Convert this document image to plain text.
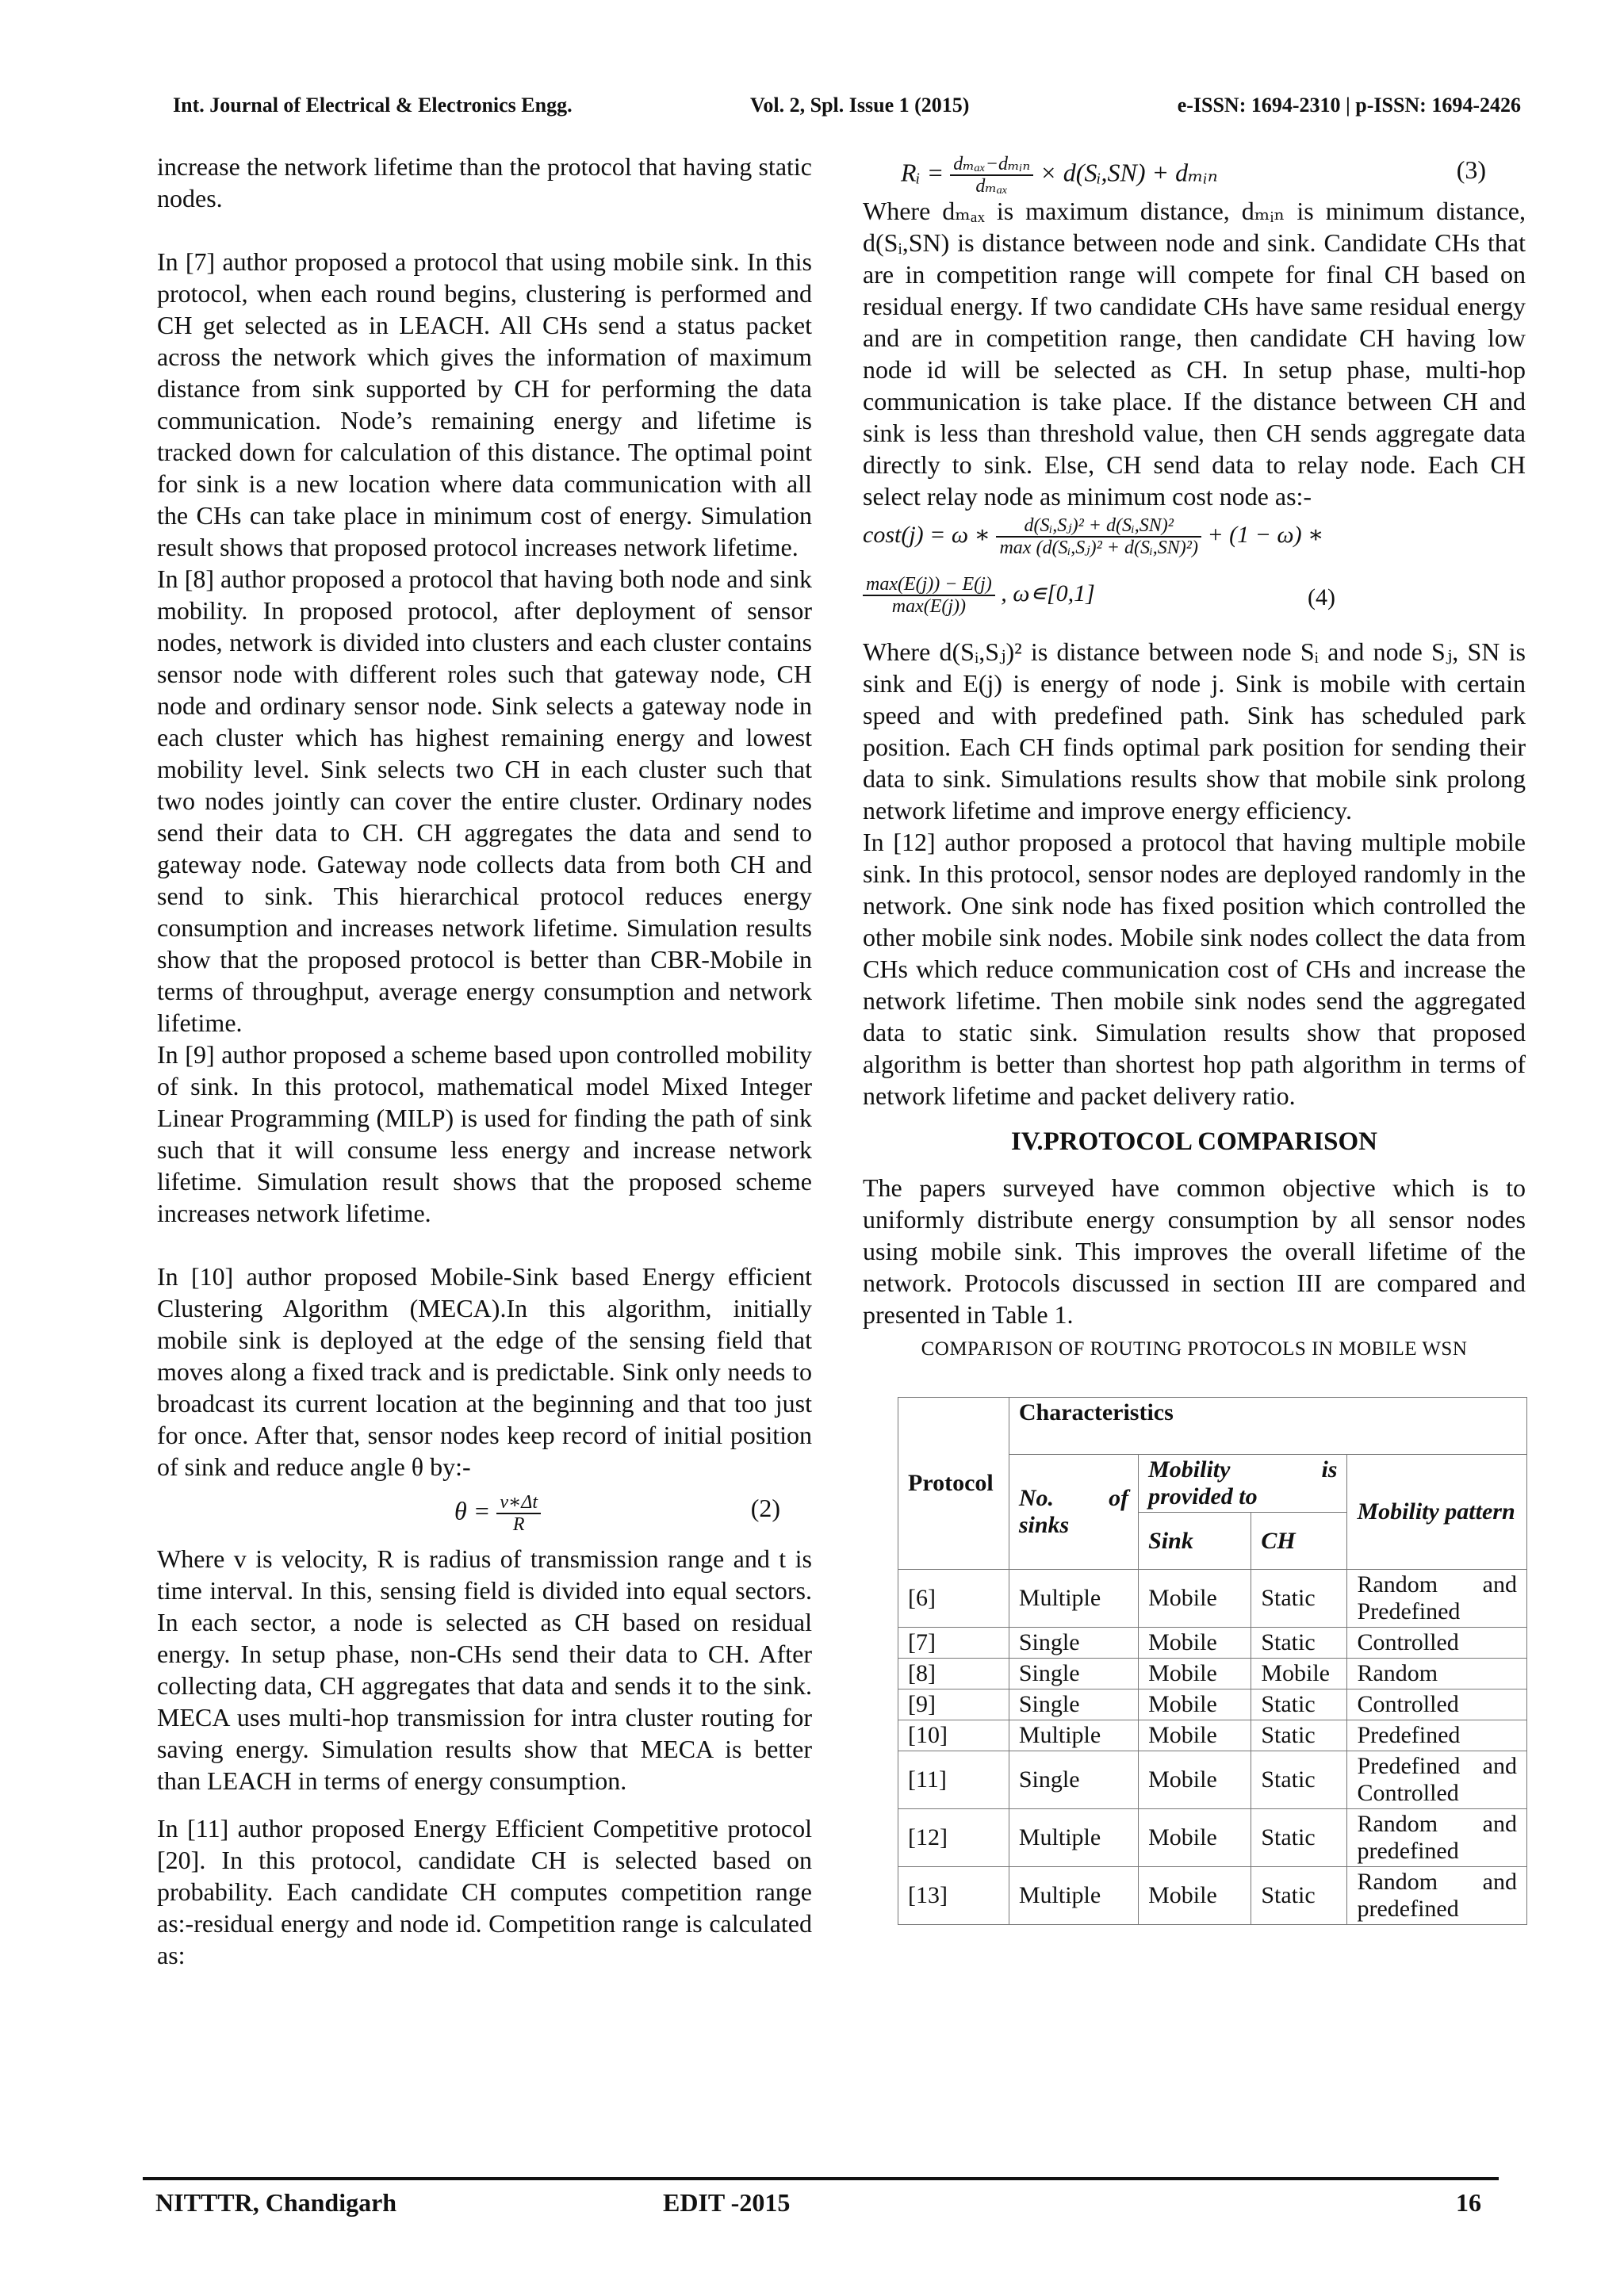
Int. Journal of Electrical & Electronics Engg.	Vol. 2, Spl. Issue 1 (2015)	e-ISSN: 1694-2310 | p-ISSN: 1694-2426

increase the network lifetime than the protocol that having static nodes.

In [7] author proposed a protocol that using mobile sink. In this protocol, when each round begins, clustering is performed and CH get selected as in LEACH. All CHs send a status packet across the network which gives the information of maximum distance from sink supported by CH for performing the data communication. Node’s remaining energy and lifetime is tracked down for calculation of this distance. The optimal point for sink is a new location where data communication with all the CHs can take place in minimum cost of energy. Simulation result shows that proposed protocol increases network lifetime.

In [8] author proposed a protocol that having both node and sink mobility. In proposed protocol, after deployment of sensor nodes, network is divided into clusters and each cluster contains sensor node with different roles such that gateway node, CH node and ordinary sensor node. Sink selects a gateway node in each cluster which has highest remaining energy and lowest mobility level. Sink selects two CH in each cluster such that two nodes jointly can cover the entire cluster. Ordinary nodes send their data to CH. CH aggregates the data and send to gateway node. Gateway node collects data from both CH and send to sink. This hierarchical protocol reduces energy consumption and increases network lifetime. Simulation results show that the proposed protocol is better than CBR-Mobile in terms of throughput, average energy consumption and network lifetime.

In [9] author proposed a scheme based upon controlled mobility of sink. In this protocol, mathematical model Mixed Integer Linear Programming (MILP) is used for finding the path of sink such that it will consume less energy and increase network lifetime. Simulation result shows that the proposed scheme increases network lifetime.

In [10] author proposed Mobile-Sink based Energy efficient Clustering Algorithm (MECA).In this algorithm, initially mobile sink is deployed at the edge of the sensing field that moves along a fixed track and is predictable. Sink only needs to broadcast its current location at the beginning and that too just for once. After that, sensor nodes keep record of initial position of sink and reduce angle θ by:-

$\theta = \frac{v∗\Delta t}{R}$	(2)

Where v is velocity, R is radius of transmission range and t is time interval. In this, sensing field is divided into equal sectors. In each sector, a node is selected as CH based on residual energy. In setup phase, non-CHs send their data to CH. After collecting data, CH aggregates that data and sends it to the sink. MECA uses multi-hop transmission for intra cluster routing for saving energy. Simulation results show that MECA is better than LEACH in terms of energy consumption.

In [11] author proposed Energy Efficient Competitive protocol [20]. In this protocol, candidate CH is selected based on probability. Each candidate CH computes competition range as:-residual energy and node id. Competition range is calculated as:

Rᵢ = $\frac{\text{dₘₐₓ−dₘᵢₙ}}{\text{dₘₐₓ}}$ × d(Sᵢ,SN) + dₘᵢₙ	(3)

Where dₘₐₓ is maximum distance, dₘᵢₙ is minimum distance, d(Sᵢ,SN) is distance between node and sink. Candidate CHs that are in competition range will compete for final CH based on residual energy. If two candidate CHs have same residual energy and are in competition range, then candidate CH having low node id will be selected as CH. In setup phase, multi-hop communication is take place. If the distance between CH and sink is less than threshold value, then CH sends aggregate data directly to sink. Else, CH send data to relay node. Each CH select relay node as minimum cost node as:-

cost(j) = ω ∗ $\frac{\text{d(Sᵢ,Sⱼ)² + d(Sᵢ,SN)²}}{\text{max (d(Sᵢ,Sⱼ)² + d(Sᵢ,SN)²)}} + (1 - \omega)$ ∗
$\frac{\max(E(j)) - E(j)}{\max(E(j))}$ , ω∊[0,1]	(4)

Where d(Sᵢ,Sⱼ)² is distance between node Sᵢ and node Sⱼ, SN is sink and E(j) is energy of node j. Sink is mobile with certain speed and with predefined path. Sink has scheduled park position. Each CH finds optimal park position for sending their data to sink. Simulations results show that mobile sink prolong network lifetime and improve energy efficiency.

In [12] author proposed a protocol that having multiple mobile sink. In this protocol, sensor nodes are deployed randomly in the network. One sink node has fixed position which controlled the other mobile sink nodes. Mobile sink nodes collect the data from CHs which reduce communication cost of CHs and increase the network lifetime. Then mobile sink nodes send the aggregated data to static sink. Simulation results show that proposed algorithm is better than shortest hop path algorithm in terms of network lifetime and packet delivery ratio.

IV.PROTOCOL COMPARISON

The papers surveyed have common objective which is to uniformly distribute energy consumption by all sensor nodes using mobile sink. This improves the overall lifetime of the network. Protocols discussed in section III are compared and presented in Table 1.

COMPARISON OF ROUTING PROTOCOLS IN MOBILE WSN
Protocol	Characteristics			
	No. of sinks	Mobility is provided to		Mobility pattern
		Sink	CH	
[6]	Multiple	Mobile	Static	Random and Predefined
[7]	Single	Mobile	Static	Controlled
[8]	Single	Mobile	Mobile	Random
[9]	Single	Mobile	Static	Controlled
[10]	Multiple	Mobile	Static	Predefined
[11]	Single	Mobile	Static	Predefined and Controlled
[12]	Multiple	Mobile	Static	Random and predefined
[13]	Multiple	Mobile	Static	Random and predefined
NITTTR, Chandigarh	EDIT -2015	16
